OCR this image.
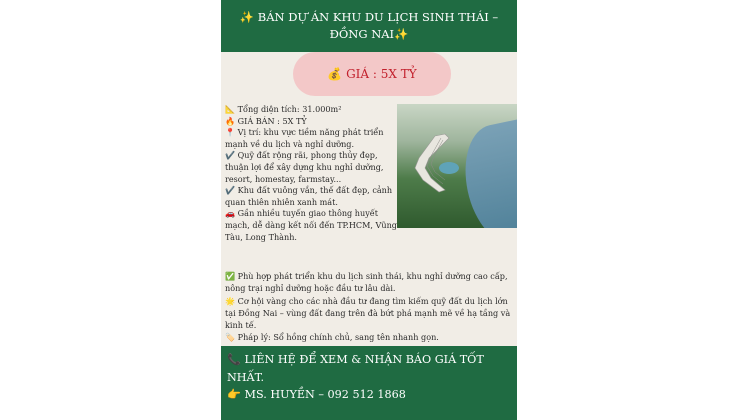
✨ BÁN DỰ ÁN KHU DU LỊCH SINH THÁI – ĐỒNG NAI✨
💰 GIÁ : 5X TỶ

📐 Tổng diện tích: 31.000m²

🔥 GIÁ BÁN : 5X TỶ

📍 Vị trí: khu vực tiềm năng phát triển mạnh về du lịch và nghỉ dưỡng.

✔️ Quỹ đất rộng rãi, phong thủy đẹp, thuận lợi để xây dựng khu nghỉ dưỡng, resort, homestay, farmstay...

✔️ Khu đất vuông vắn, thế đất đẹp, cảnh quan thiên nhiên xanh mát.

🚗 Gần nhiều tuyến giao thông huyết mạch, dễ dàng kết nối đến TP.HCM, Vũng Tàu, Long Thành.

✅ Phù hợp phát triển khu du lịch sinh thái, khu nghỉ dưỡng cao cấp, nông trại nghỉ dưỡng hoặc đầu tư lâu dài.

🌟 Cơ hội vàng cho các nhà đầu tư đang tìm kiếm quỹ đất du lịch lớn tại Đồng Nai – vùng đất đang trên đà bứt phá mạnh mẽ về hạ tầng và kinh tế.

🏷️ Pháp lý: Sổ hồng chính chủ, sang tên nhanh gọn.

📞 LIÊN HỆ ĐỂ XEM & NHẬN BÁO GIÁ TỐT NHẤT.

👉 MS. HUYỀN – 092 512 1868
